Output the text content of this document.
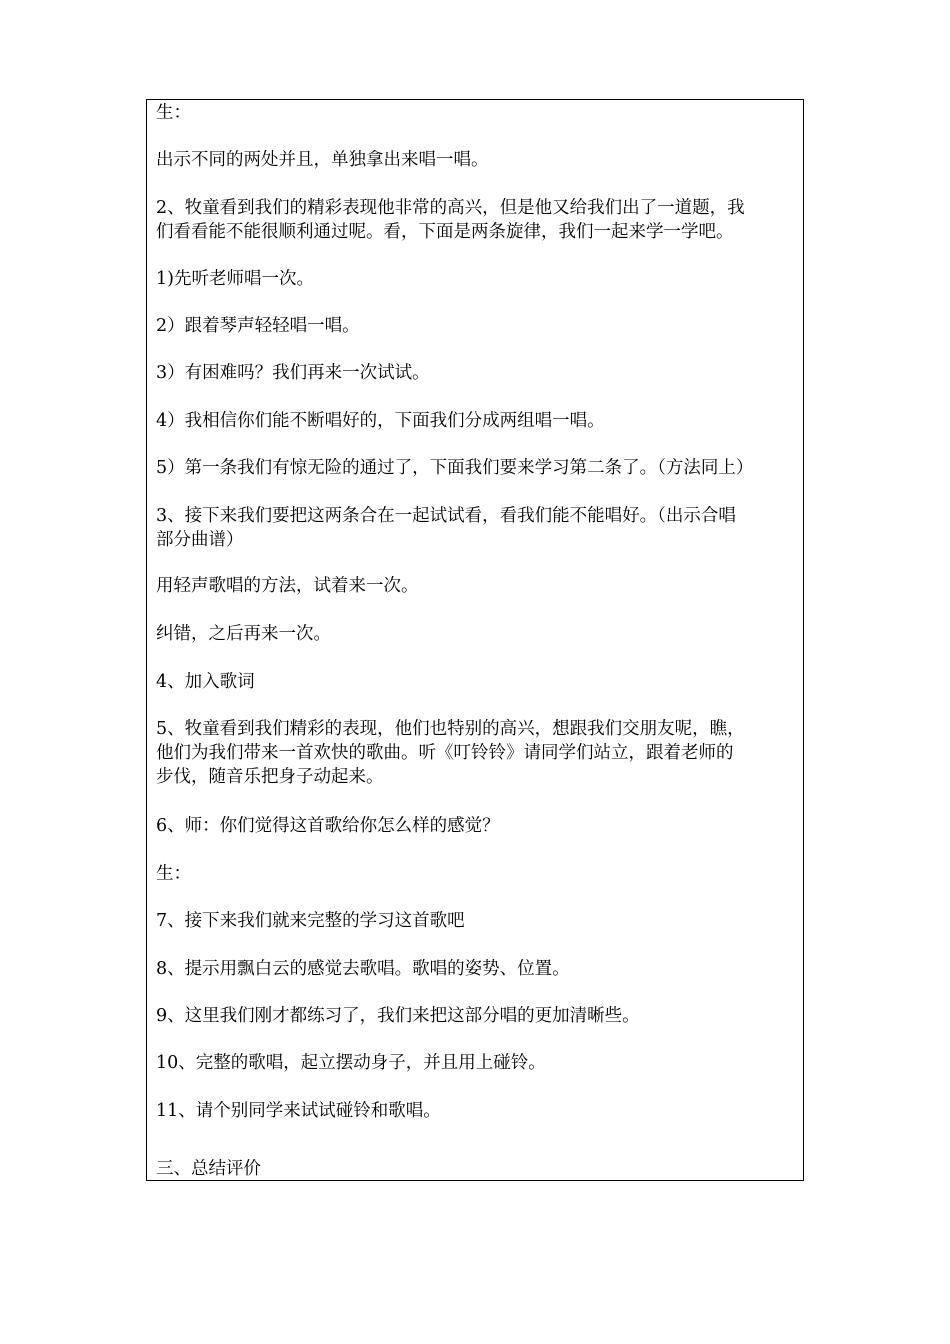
生：
出示不同的两处并且，单独拿出来唱一唱。
2、牧童看到我们的精彩表现他非常的高兴，但是他又给我们出了一道题，我
们看看能不能很顺利通过呢。看，下面是两条旋律，我们一起来学一学吧。
1)先听老师唱一次。
2）跟着琴声轻轻唱一唱。
3）有困难吗？我们再来一次试试。
4）我相信你们能不断唱好的，下面我们分成两组唱一唱。
5）第一条我们有惊无险的通过了，下面我们要来学习第二条了。（方法同上）
3、接下来我们要把这两条合在一起试试看，看我们能不能唱好。（出示合唱
部分曲谱）
用轻声歌唱的方法，试着来一次。
纠错，之后再来一次。
4、加入歌词
5、牧童看到我们精彩的表现，他们也特别的高兴，想跟我们交朋友呢，瞧，
他们为我们带来一首欢快的歌曲。听《叮铃铃》请同学们站立，跟着老师的
步伐，随音乐把身子动起来。
6、师：你们觉得这首歌给你怎么样的感觉？
生：
7、接下来我们就来完整的学习这首歌吧
8、提示用飘白云的感觉去歌唱。歌唱的姿势、位置。
9、这里我们刚才都练习了，我们来把这部分唱的更加清晰些。
10、完整的歌唱，起立摆动身子，并且用上碰铃。
11、请个别同学来试试碰铃和歌唱。
三、总结评价
